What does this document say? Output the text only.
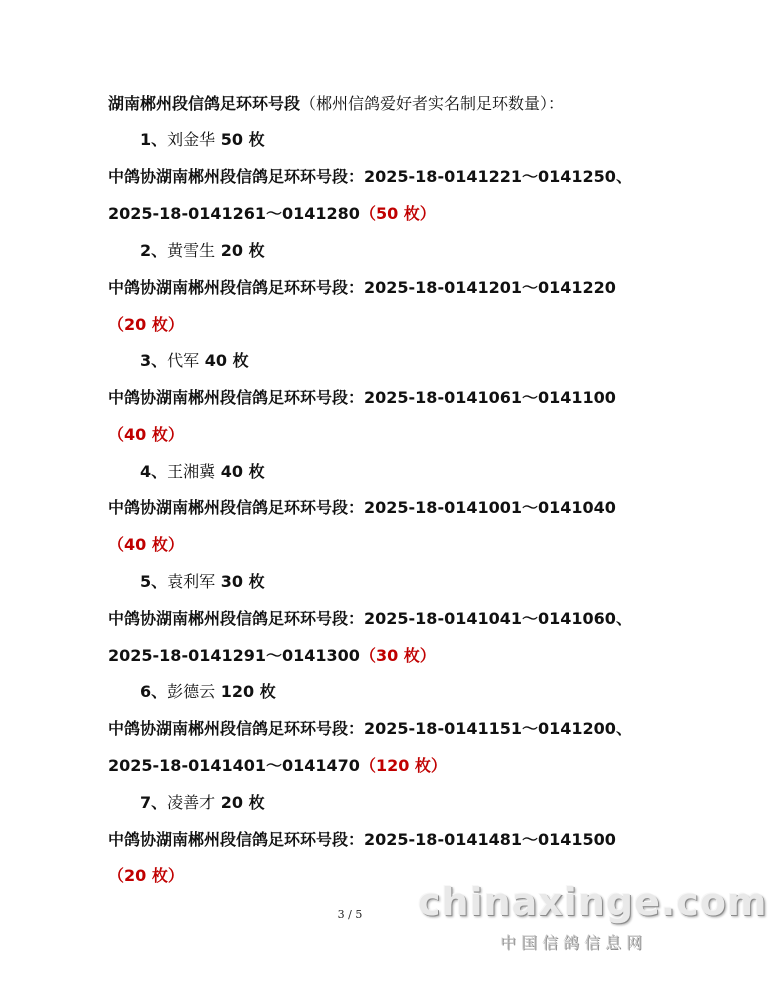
湖南郴州段信鸽足环环号段（郴州信鸽爱好者实名制足环数量）：
1、刘金华 50 枚
中鸽协湖南郴州段信鸽足环环号段：2025-18-0141221～0141250、
2025-18-0141261～0141280（50 枚）
2、黄雪生 20 枚
中鸽协湖南郴州段信鸽足环环号段：2025-18-0141201～0141220
（20 枚）
3、代军 40 枚
中鸽协湖南郴州段信鸽足环环号段：2025-18-0141061～0141100
（40 枚）
4、王湘冀 40 枚
中鸽协湖南郴州段信鸽足环环号段：2025-18-0141001～0141040
（40 枚）
5、袁利军 30 枚
中鸽协湖南郴州段信鸽足环环号段：2025-18-0141041～0141060、
2025-18-0141291～0141300（30 枚）
6、彭德云 120 枚
中鸽协湖南郴州段信鸽足环环号段：2025-18-0141151～0141200、
2025-18-0141401～0141470（120 枚）
7、凌善才 20 枚
中鸽协湖南郴州段信鸽足环环号段：2025-18-0141481～0141500
（20 枚）
3 / 5	chinaxinge.com
中国信鸽信息网
